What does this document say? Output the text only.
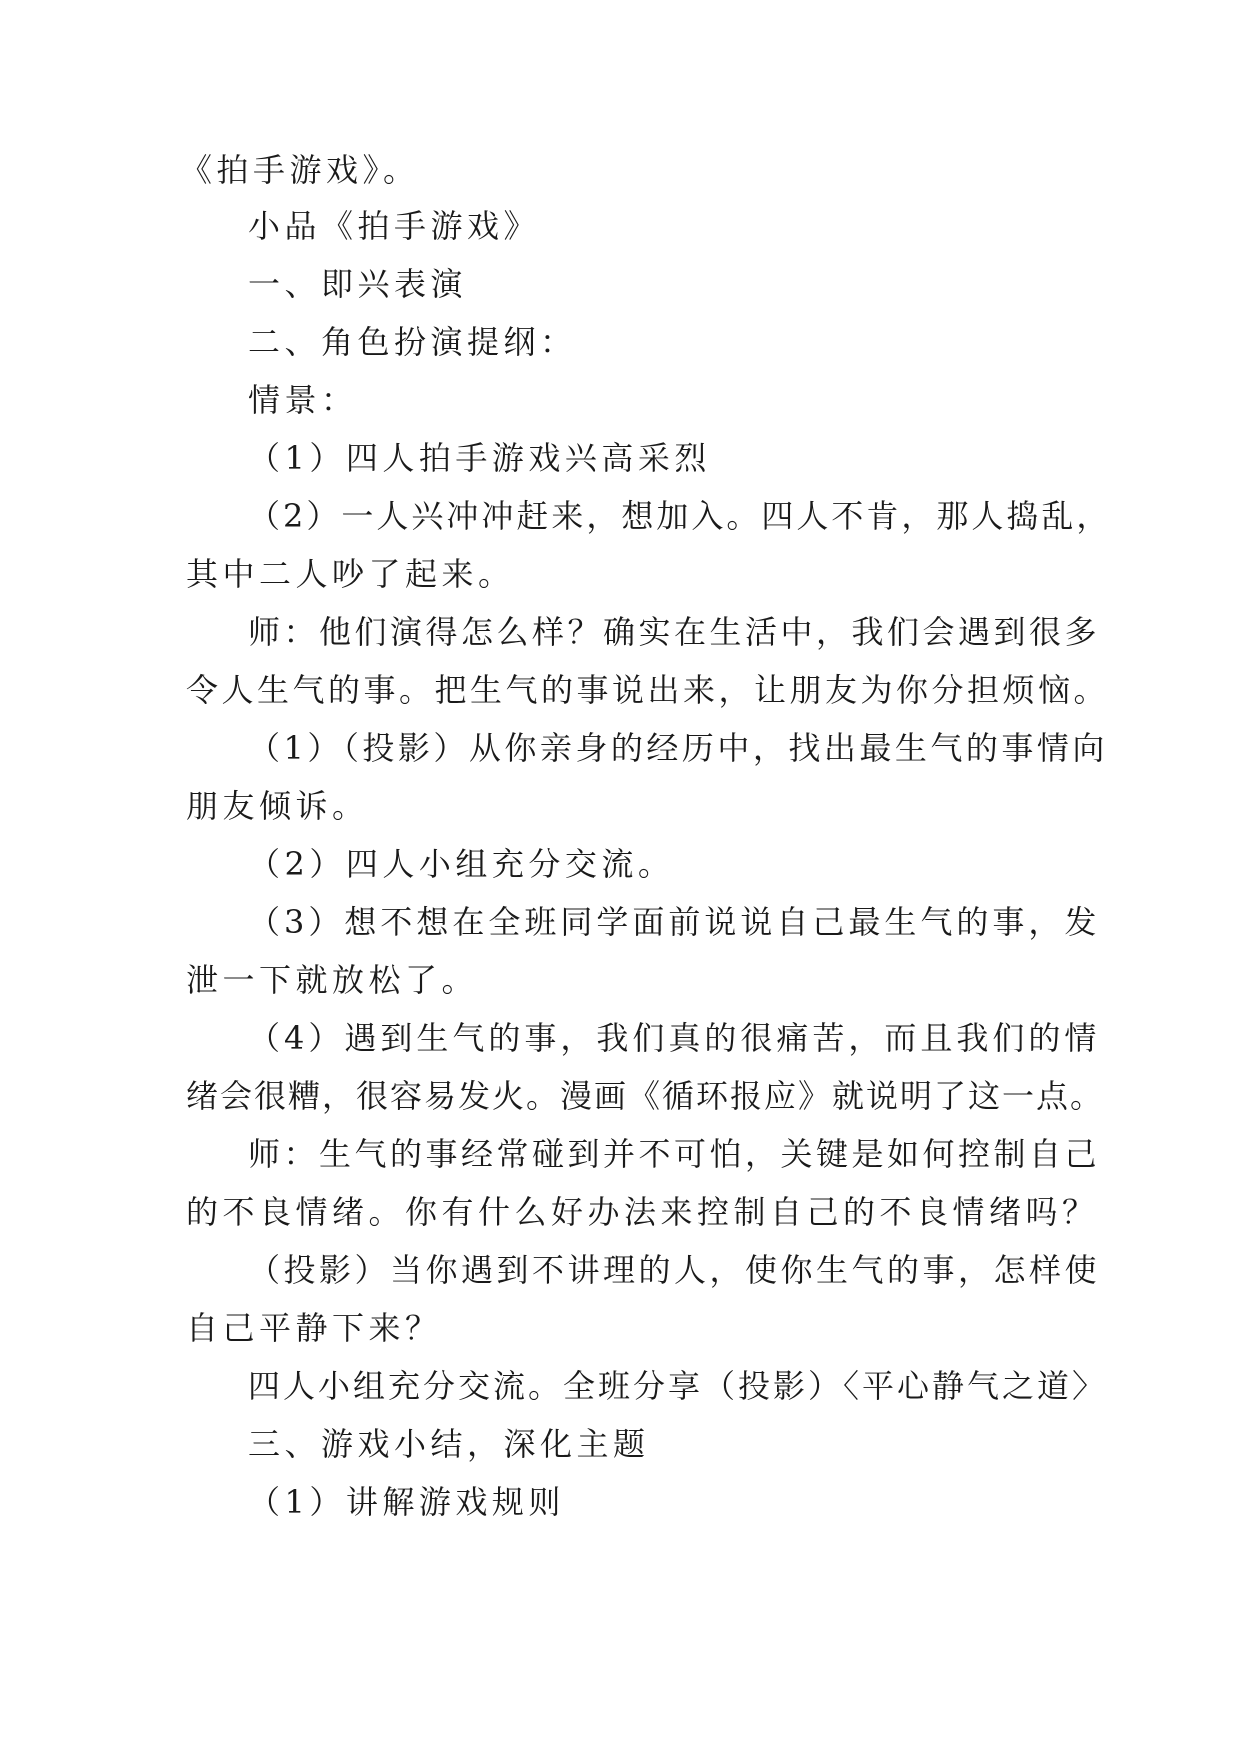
《拍手游戏》。
小品《拍手游戏》
一、即兴表演
二、角色扮演提纲：
情景：
（1）四人拍手游戏兴高采烈
（2）一人兴冲冲赶来，想加入。四人不肯，那人捣乱，
其中二人吵了起来。
师：他们演得怎么样？确实在生活中，我们会遇到很多
令人生气的事。把生气的事说出来，让朋友为你分担烦恼。
（1）（投影）从你亲身的经历中，找出最生气的事情向
朋友倾诉。
（2）四人小组充分交流。
（3）想不想在全班同学面前说说自己最生气的事，发
泄一下就放松了。
（4）遇到生气的事，我们真的很痛苦，而且我们的情
绪会很糟，很容易发火。漫画《循环报应》就说明了这一点。
师：生气的事经常碰到并不可怕，关键是如何控制自己
的不良情绪。你有什么好办法来控制自己的不良情绪吗？
（投影）当你遇到不讲理的人，使你生气的事，怎样使
自己平静下来？
四人小组充分交流。全班分享（投影）〈平心静气之道〉
三、游戏小结，深化主题
（1）讲解游戏规则
